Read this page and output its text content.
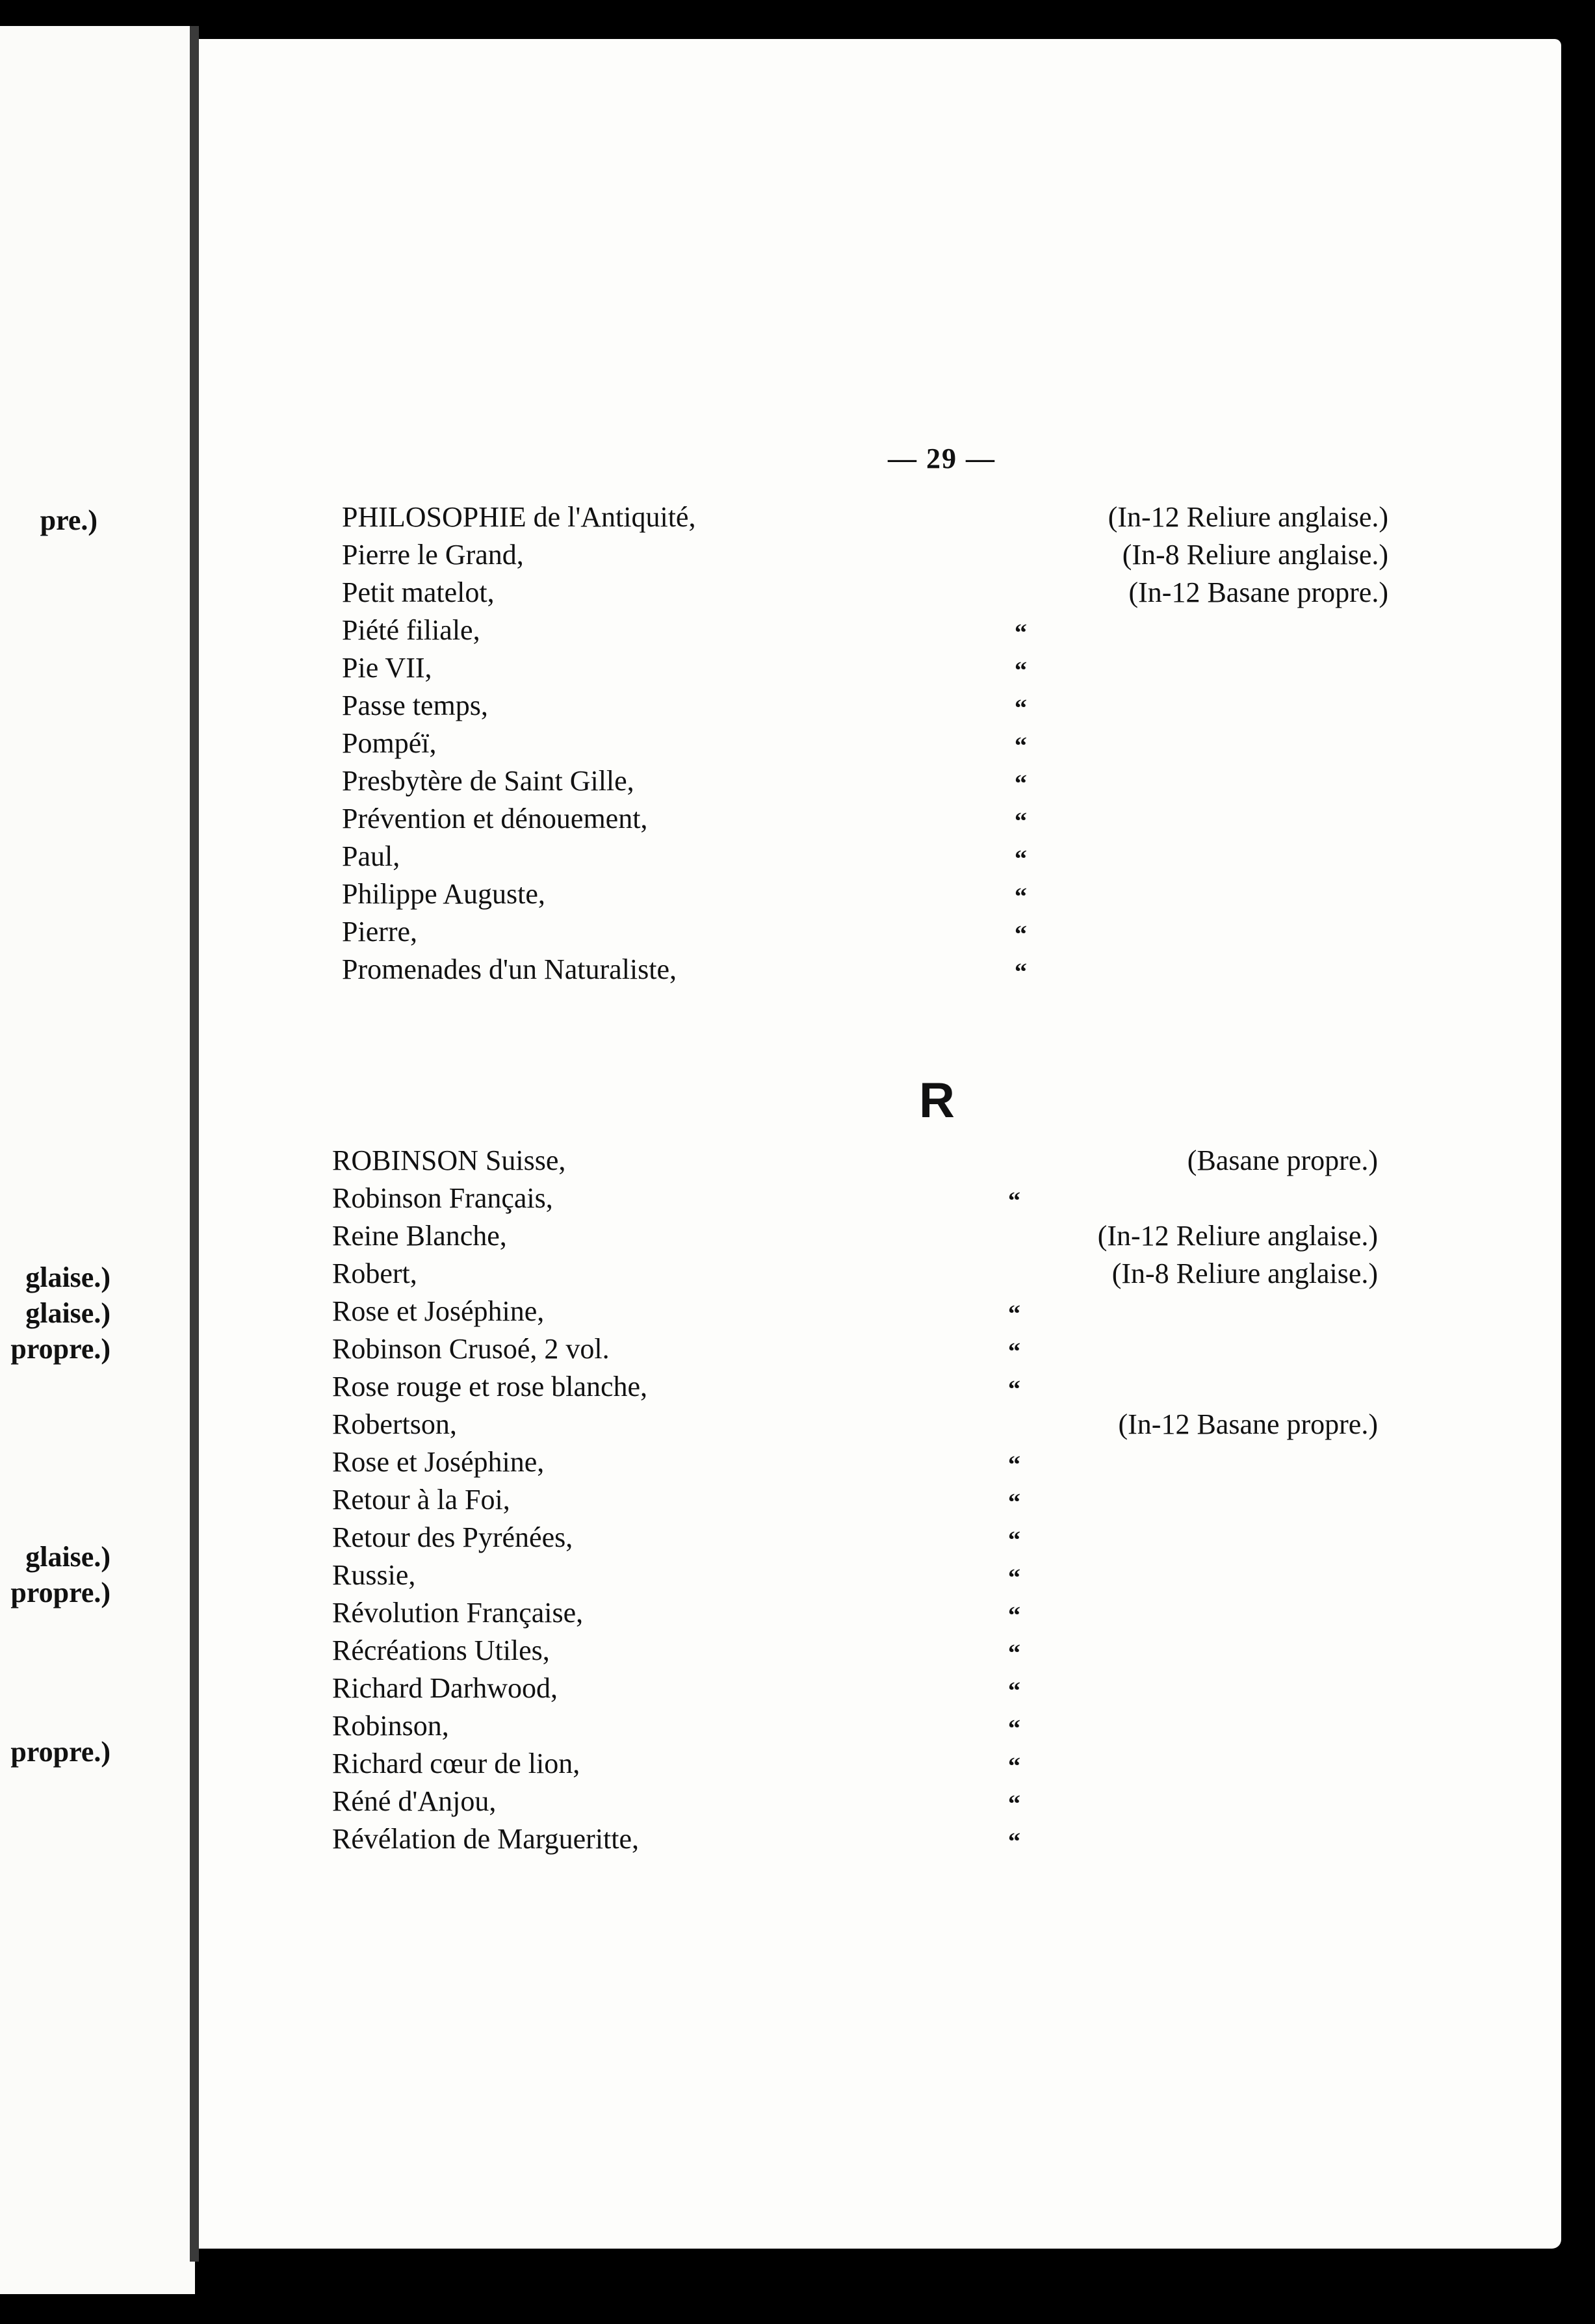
pre.)
glaise.)
glaise.)
propre.)
glaise.)
propre.)
propre.)
— 29 —
PHILOSOPHIE de l'Antiquité,	(In-12 Reliure anglaise.)
Pierre le Grand,	(In-8 Reliure anglaise.)
Petit matelot,	(In-12 Basane propre.)
Piété filiale,	“
Pie VII,	“
Passe temps,	“
Pompéï,	“
Presbytère de Saint Gille,	“
Prévention et dénouement,	“
Paul,	“
Philippe Auguste,	“
Pierre,	“
Promenades d'un Naturaliste,	“
R
ROBINSON Suisse,	(Basane propre.)
Robinson Français,	“
Reine Blanche,	(In-12 Reliure anglaise.)
Robert,	(In-8 Reliure anglaise.)
Rose et Joséphine,	“
Robinson Crusoé, 2 vol.	“
Rose rouge et rose blanche,	“
Robertson,	(In-12 Basane propre.)
Rose et Joséphine,	“
Retour à la Foi,	“
Retour des Pyrénées,	“
Russie,	“
Révolution Française,	“
Récréations Utiles,	“
Richard Darhwood,	“
Robinson,	“
Richard cœur de lion,	“
Réné d'Anjou,	“
Révélation de Margueritte,	“
